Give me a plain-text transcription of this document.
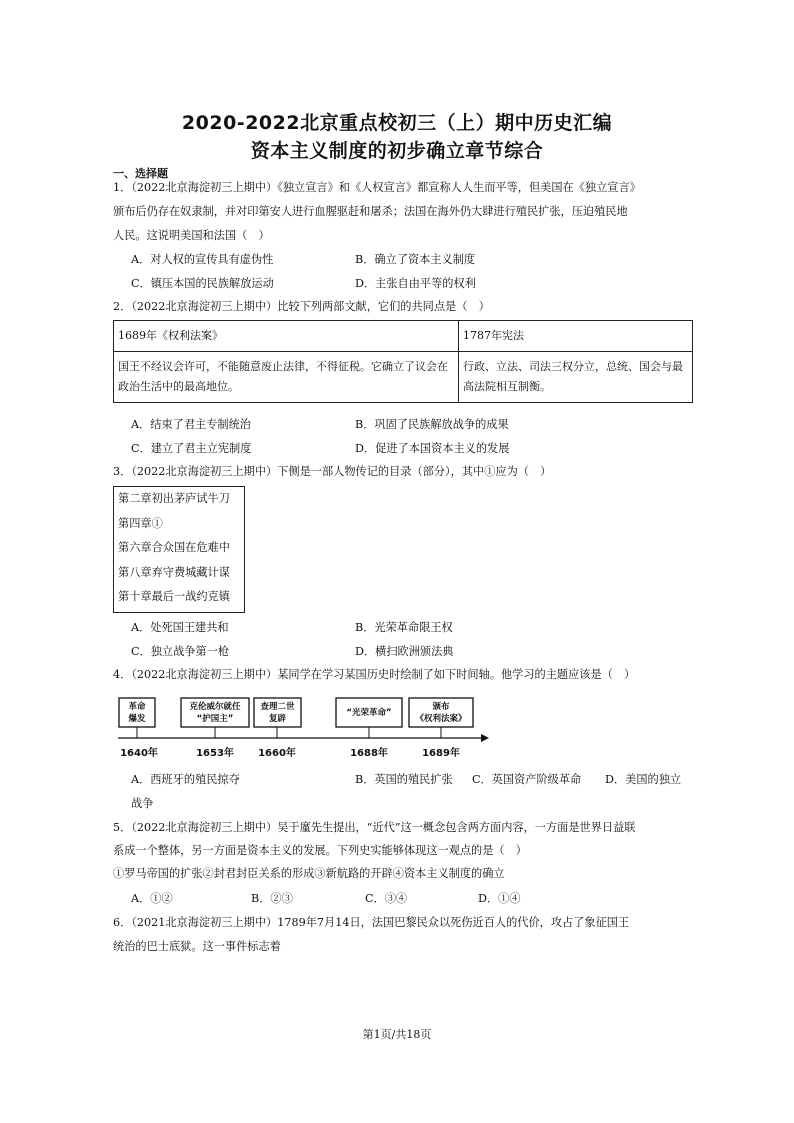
2020-2022北京重点校初三（上）期中历史汇编
资本主义制度的初步确立章节综合
一、选择题
1．（2022北京海淀初三上期中）《独立宣言》和《人权宣言》都宣称人人生而平等，但美国在《独立宣言》
颁布后仍存在奴隶制，并对印第安人进行血腥驱赶和屠杀；法国在海外仍大肆进行殖民扩张，压迫殖民地
人民。这说明美国和法国（　）
A．对人权的宣传具有虚伪性	B．确立了资本主义制度
C．镇压本国的民族解放运动	D．主张自由平等的权利
2．（2022北京海淀初三上期中）比较下列两部文献，它们的共同点是（　）
1689年《权利法案》	1787年宪法
国王不经议会许可，不能随意废止法律，不得征税。它确立了议会在政治生活中的最高地位。	行政、立法、司法三权分立，总统、国会与最高法院相互制衡。
A．结束了君主专制统治	B．巩固了民族解放战争的成果
C．建立了君主立宪制度	D．促进了本国资本主义的发展
3．（2022北京海淀初三上期中）下侧是一部人物传记的目录（部分），其中①应为（　）
第二章初出茅庐试牛刀
第四章①
第六章合众国在危难中
第八章弃守费城藏计谋
第十章最后一战约克镇
A．处死国王建共和	B．光荣革命限王权
C．独立战争第一枪	D．横扫欧洲颁法典
4．（2022北京海淀初三上期中）某同学在学习某国历史时绘制了如下时间轴。他学习的主题应该是（　）
革命
爆发
克伦威尔就任
“护国主”
查理二世
复辟
“光荣革命”
颁布
《权利法案》
1640年	1653年 1660年	1688年	1689年
A．西班牙的殖民掠夺	B．英国的殖民扩张 C．英国资产阶级革命 D．美国的独立
战争
5．（2022北京海淀初三上期中）吴于廑先生提出，“近代”这一概念包含两方面内容，一方面是世界日益联
系成一个整体，另一方面是资本主义的发展。下列史实能够体现这一观点的是（　）
①罗马帝国的扩张②封君封臣关系的形成③新航路的开辟④资本主义制度的确立
A．①②	B．②③	C．③④	D．①④
6．（2021北京海淀初三上期中）1789年7月14日，法国巴黎民众以死伤近百人的代价，攻占了象征国王
统治的巴士底狱。这一事件标志着
第1页/共18页
